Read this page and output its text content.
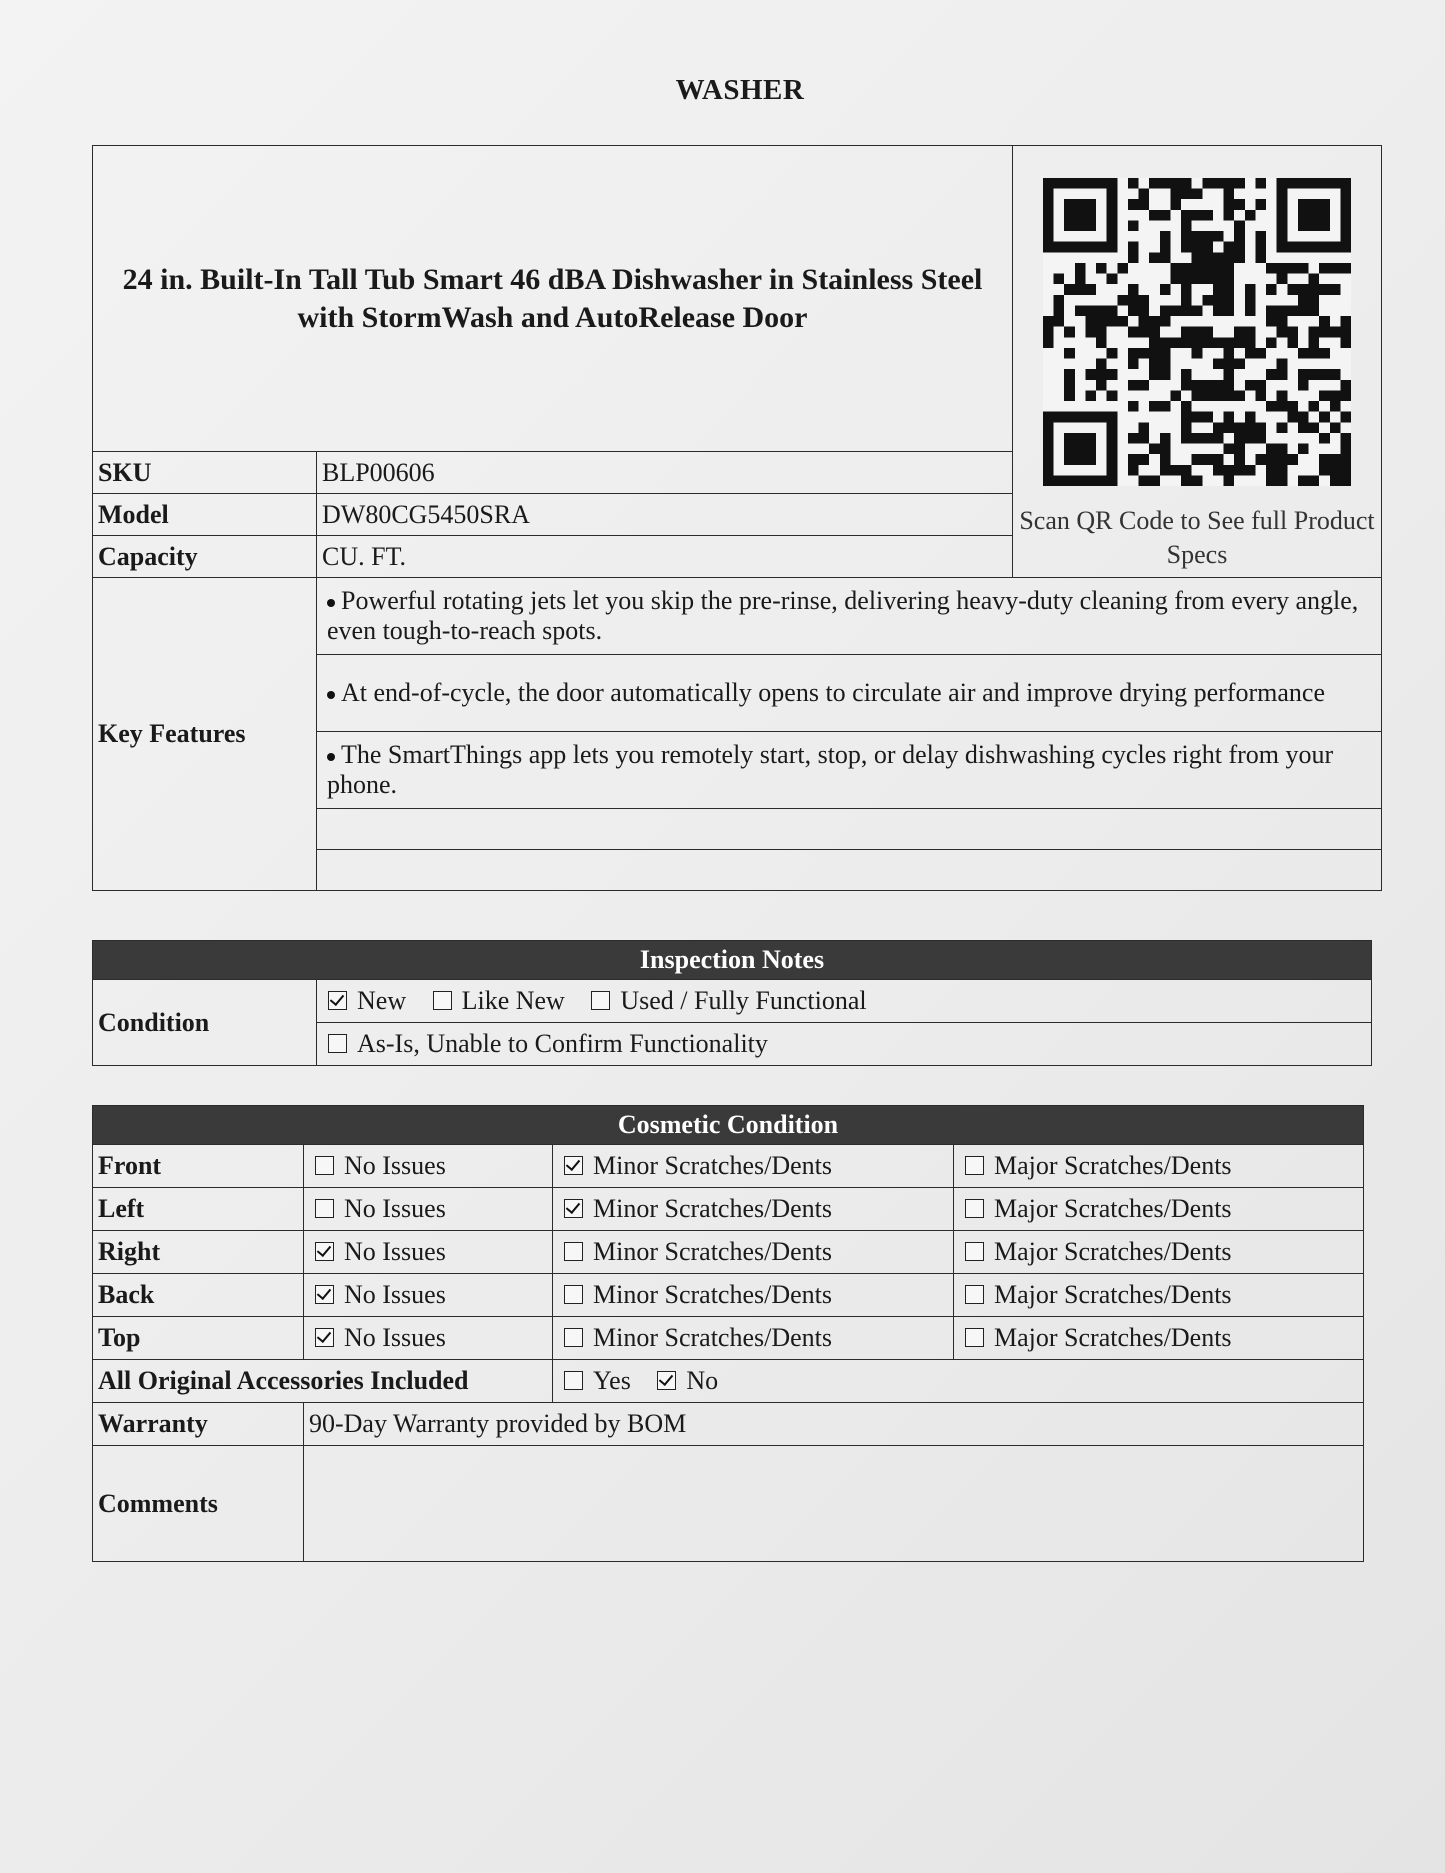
WASHER
24 in. Built-In Tall Tub Smart 46 dBA Dishwasher in Stainless Steel with StormWash and AutoRelease Door		Scan QR Code to See full Product Specs

SKU	BLP00606	
Model	DW80CG5450SRA	
Capacity	CU. FT.	
Key Features	Powerful rotating jets let you skip the pre-rinse, delivering heavy-duty cleaning from every angle, even tough-to-reach spots.	
	At end-of-cycle, the door automatically opens to circulate air and improve drying performance	
	The SmartThings app lets you remotely start, stop, or delay dishwashing cycles right from your phone.	

Inspection Notes
Condition	New Like New Used / Fully Functional
As-Is, Unable to Confirm Functionality
Cosmetic Condition			
Front	No Issues	Minor Scratches/Dents	Major Scratches/Dents
Left	No Issues	Minor Scratches/Dents	Major Scratches/Dents
Right	No Issues	Minor Scratches/Dents	Major Scratches/Dents
Back	No Issues	Minor Scratches/Dents	Major Scratches/Dents
Top	No Issues	Minor Scratches/Dents	Major Scratches/Dents
All Original Accessories Included		Yes No	
Warranty	90-Day Warranty provided by BOM		
Comments			
